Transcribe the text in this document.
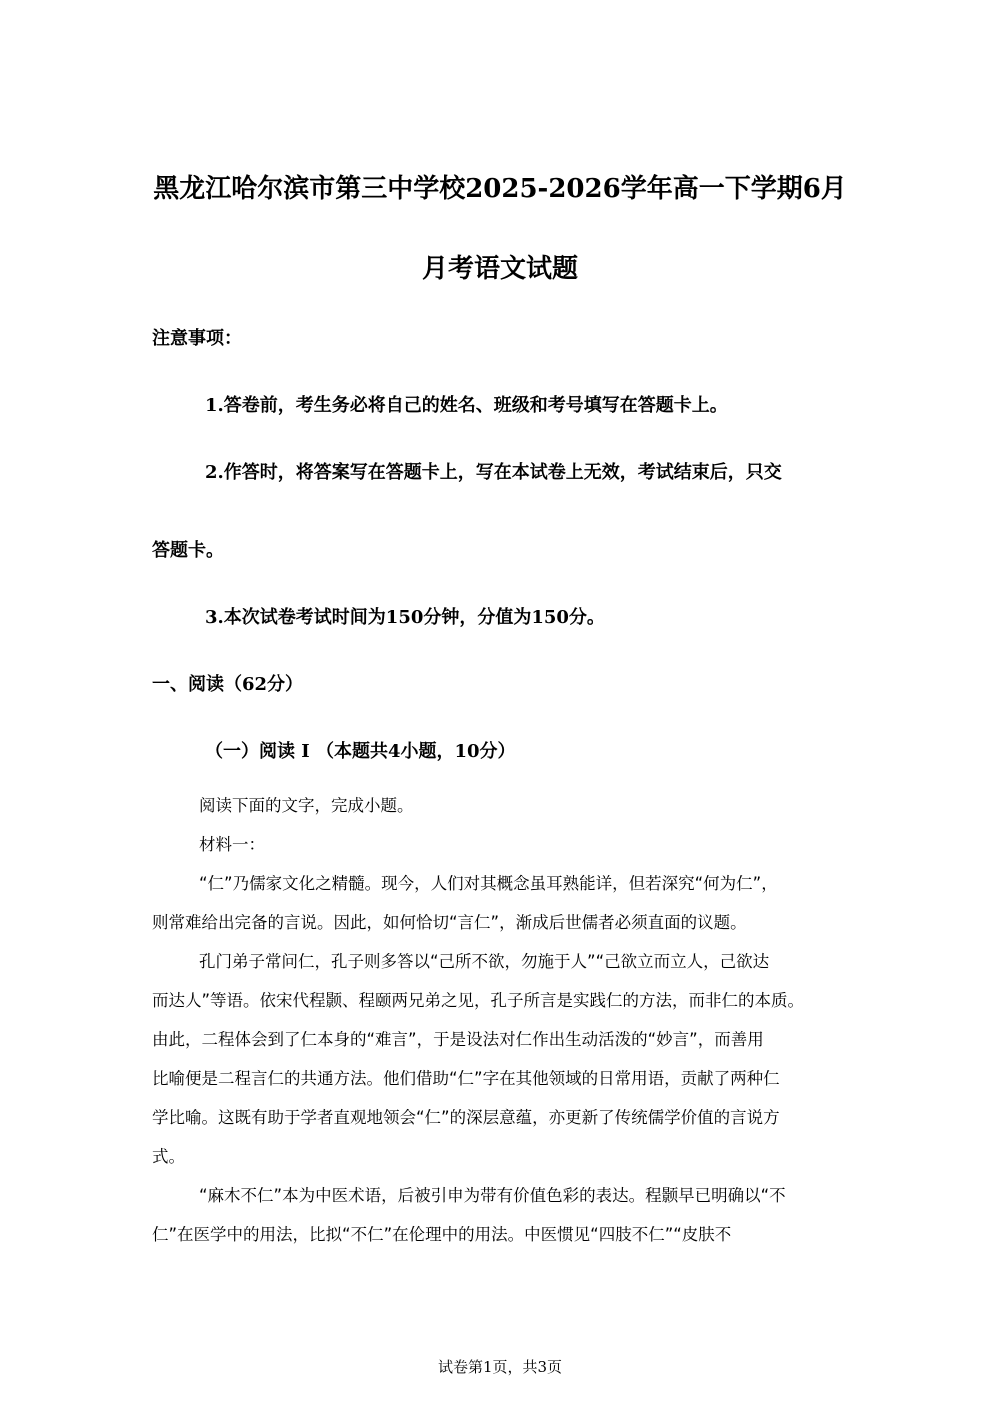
黑龙江哈尔滨市第三中学校2025-2026学年高一下学期6月
月考语文试题
注意事项：
1.答卷前，考生务必将自己的姓名、班级和考号填写在答题卡上。
2.作答时，将答案写在答题卡上，写在本试卷上无效，考试结束后，只交
答题卡。
3.本次试卷考试时间为150分钟，分值为150分。
一、阅读（62分）
（一）阅读 I （本题共4小题，10分）
阅读下面的文字，完成小题。
材料一：
“仁”乃儒家文化之精髓。现今，人们对其概念虽耳熟能详，但若深究“何为仁”，
则常难给出完备的言说。因此，如何恰切“言仁”，渐成后世儒者必须直面的议题。
孔门弟子常问仁，孔子则多答以“己所不欲，勿施于人”“己欲立而立人，己欲达
而达人”等语。依宋代程颢、程颐两兄弟之见，孔子所言是实践仁的方法，而非仁的本质。
由此，二程体会到了仁本身的“难言”，于是设法对仁作出生动活泼的“妙言”，而善用
比喻便是二程言仁的共通方法。他们借助“仁”字在其他领域的日常用语，贡献了两种仁
学比喻。这既有助于学者直观地领会“仁”的深层意蕴，亦更新了传统儒学价值的言说方
式。
“麻木不仁”本为中医术语，后被引申为带有价值色彩的表达。程颢早已明确以“不
仁”在医学中的用法，比拟“不仁”在伦理中的用法。中医惯见“四肢不仁”“皮肤不
试卷第1页，共3页
